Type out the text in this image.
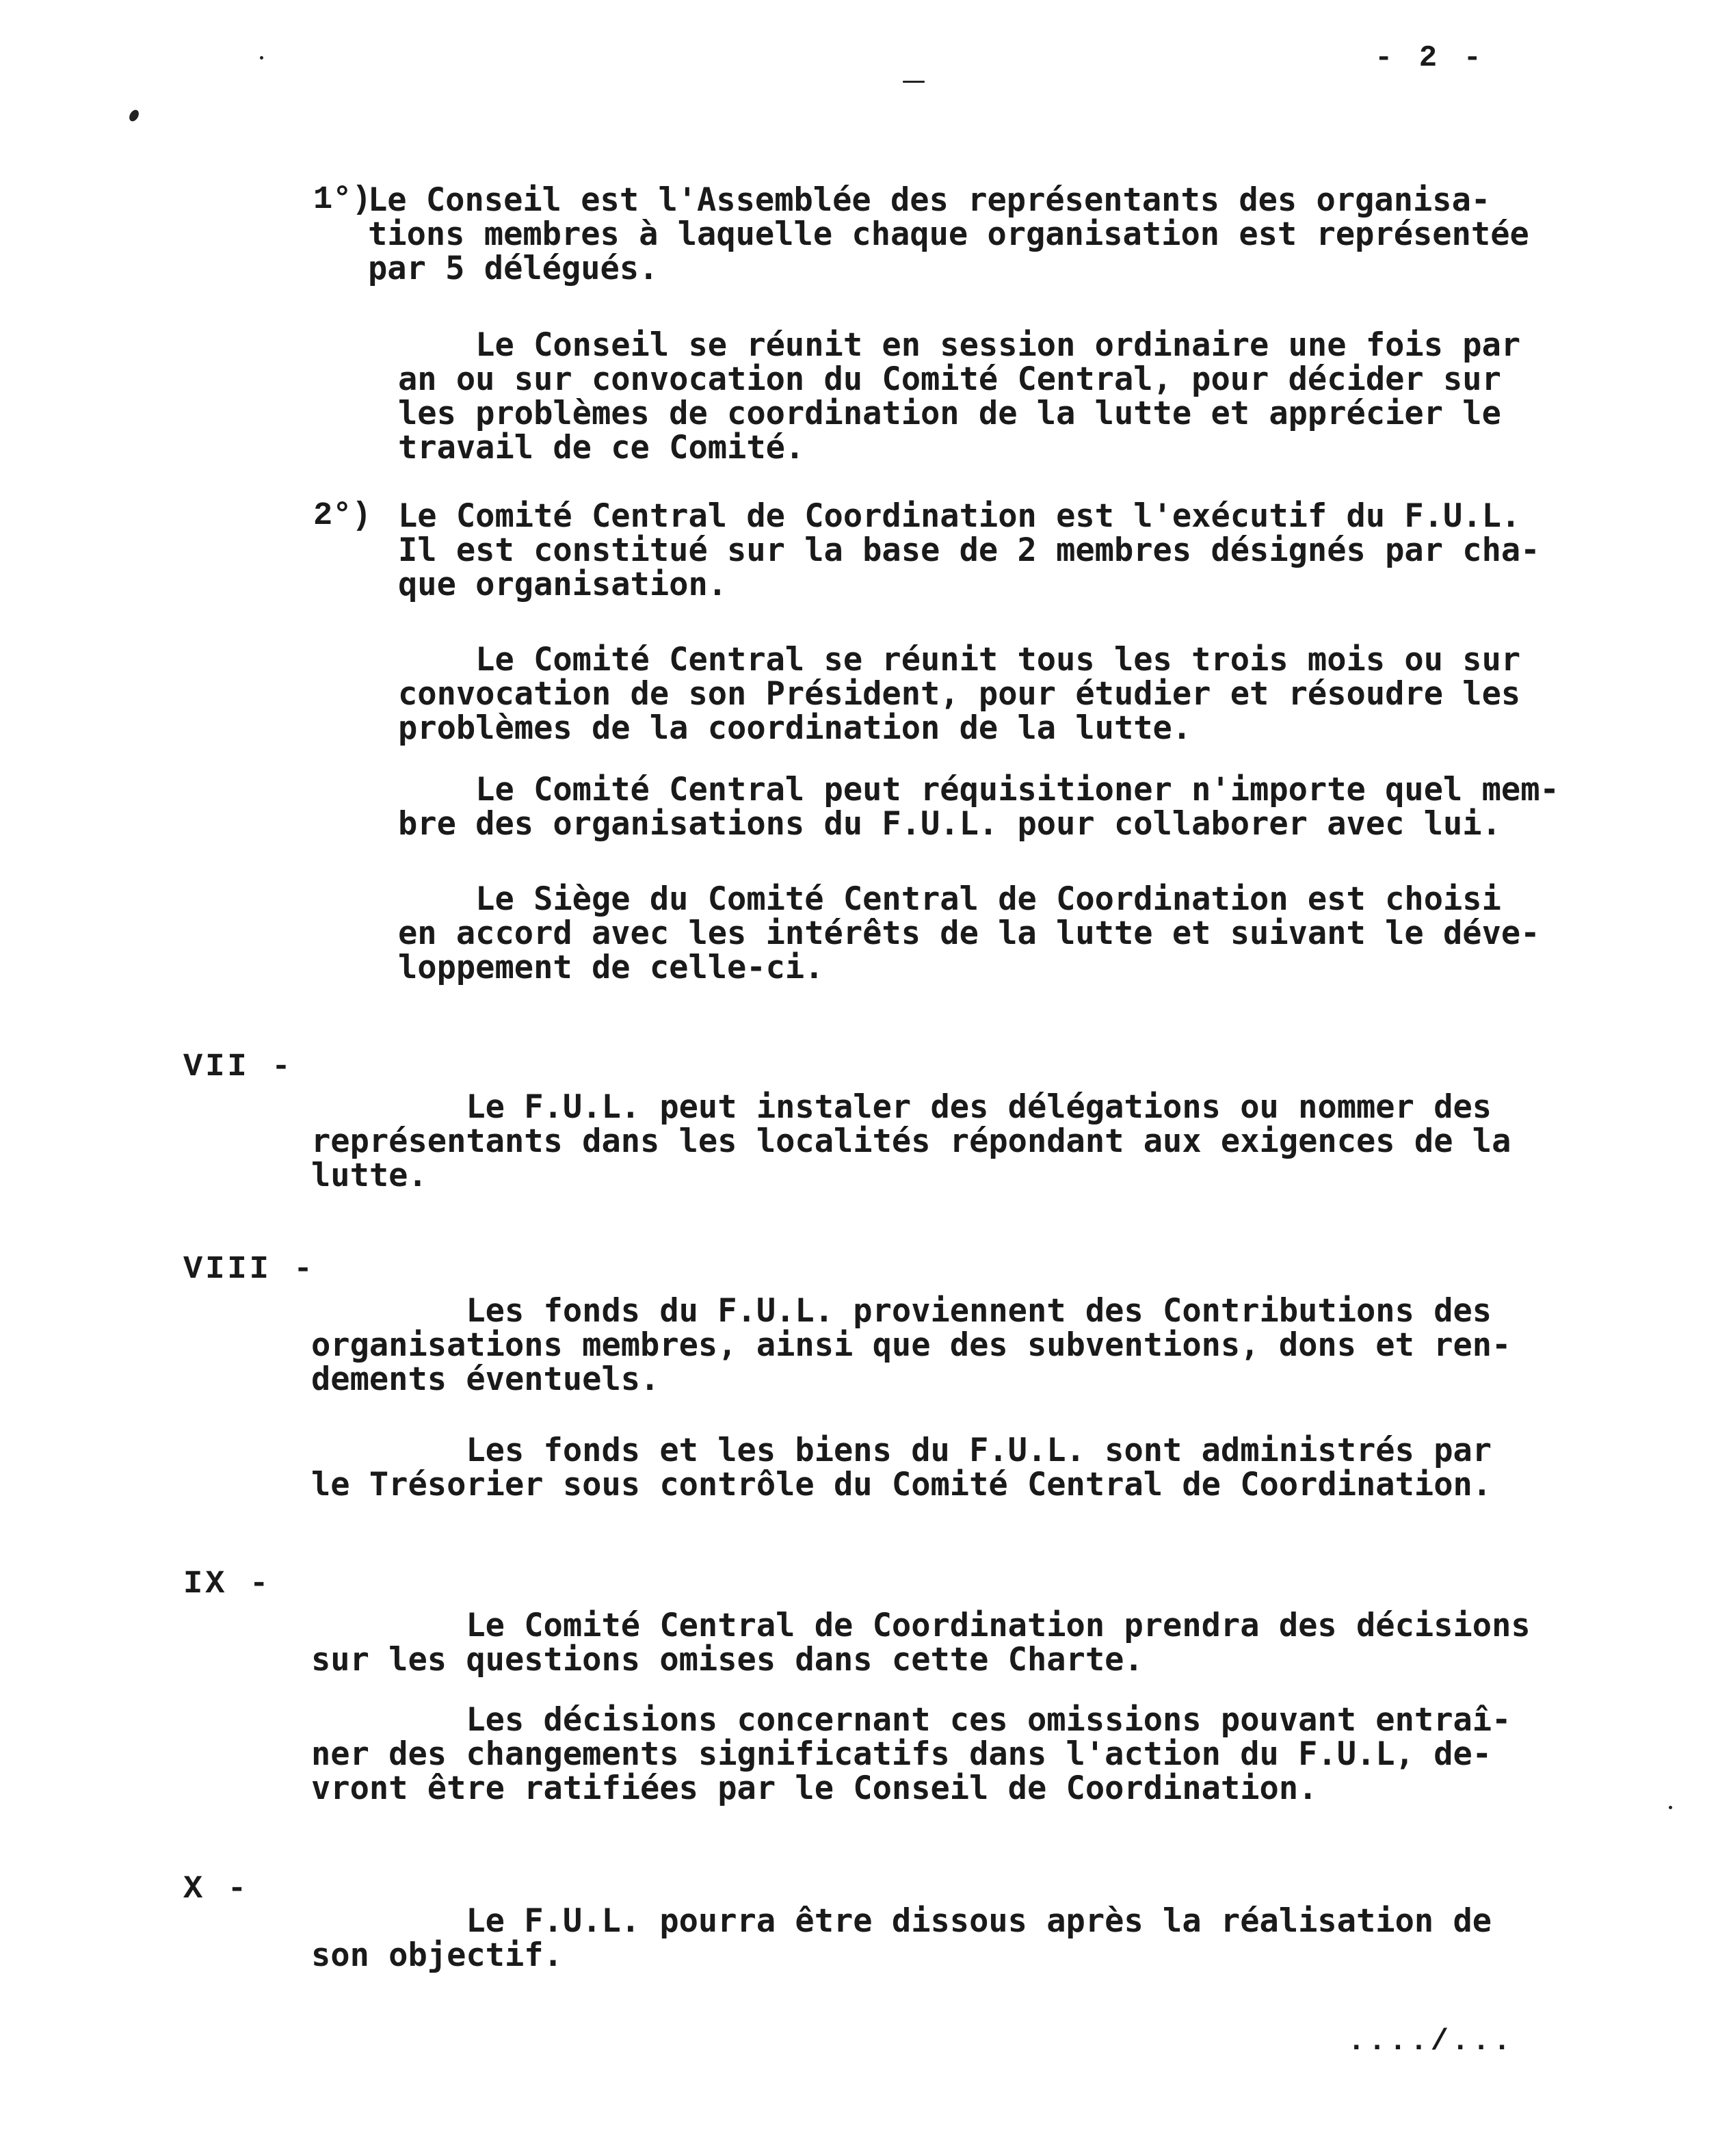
- 2 -
1°)
Le Conseil est l'Assemblée des représentants des organisa-
tions membres à laquelle chaque organisation est représentée
par 5 délégués.
Le Conseil se réunit en session ordinaire une fois par
an ou sur convocation du Comité Central, pour décider sur
les problèmes de coordination de la lutte et apprécier le
travail de ce Comité.
2°) Le Comité Central de Coordination est l'exécutif du F.U.L.
Il est constitué sur la base de 2 membres désignés par cha-
que organisation.
Le Comité Central se réunit tous les trois mois ou sur
convocation de son Président, pour étudier et résoudre les
problèmes de la coordination de la lutte.
Le Comité Central peut réquisitioner n'importe quel mem-
bre des organisations du F.U.L. pour collaborer avec lui.
Le Siège du Comité Central de Coordination est choisi
en accord avec les intérêts de la lutte et suivant le déve-
loppement de celle-ci.
VII -
Le F.U.L. peut instaler des délégations ou nommer des
représentants dans les localités répondant aux exigences de la
lutte.
VIII -
Les fonds du F.U.L. proviennent des Contributions des
organisations membres, ainsi que des subventions, dons et ren-
dements éventuels.
Les fonds et les biens du F.U.L. sont administrés par
le Trésorier sous contrôle du Comité Central de Coordination.
IX -
Le Comité Central de Coordination prendra des décisions
sur les questions omises dans cette Charte.
Les décisions concernant ces omissions pouvant entraî-
ner des changements significatifs dans l'action du F.U.L, de-
vront être ratifiées par le Conseil de Coordination.
X -
Le F.U.L. pourra être dissous après la réalisation de
son objectif.
..../...
